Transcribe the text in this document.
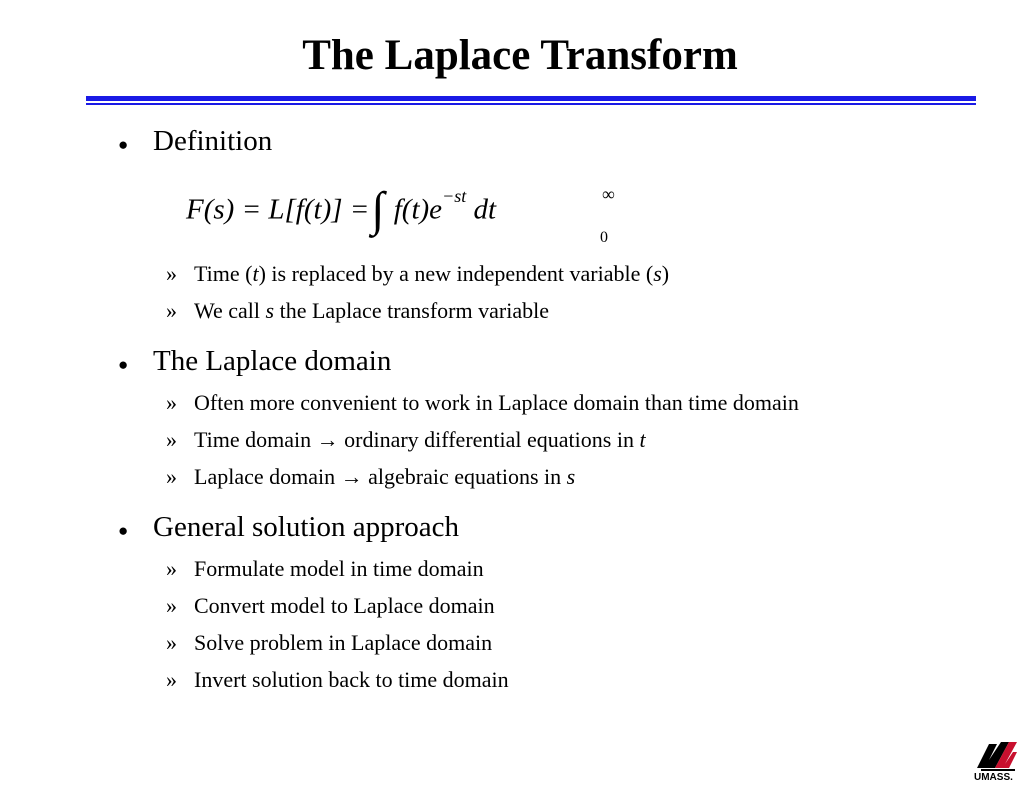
The Laplace Transform
● Definition
F(s) = L[f(t)] =∫	∞
0
$f(t)e^{-st}$ dt
» Time (t) is replaced by a new independent variable (s)
» We call s the Laplace transform variable
● The Laplace domain
» Often more convenient to work in Laplace domain than time domain
» Time domain → ordinary differential equations in t
» Laplace domain → algebraic equations in s
● General solution approach
» Formulate model in time domain
» Convert model to Laplace domain
» Solve problem in Laplace domain
» Invert solution back to time domain
UMASS.
